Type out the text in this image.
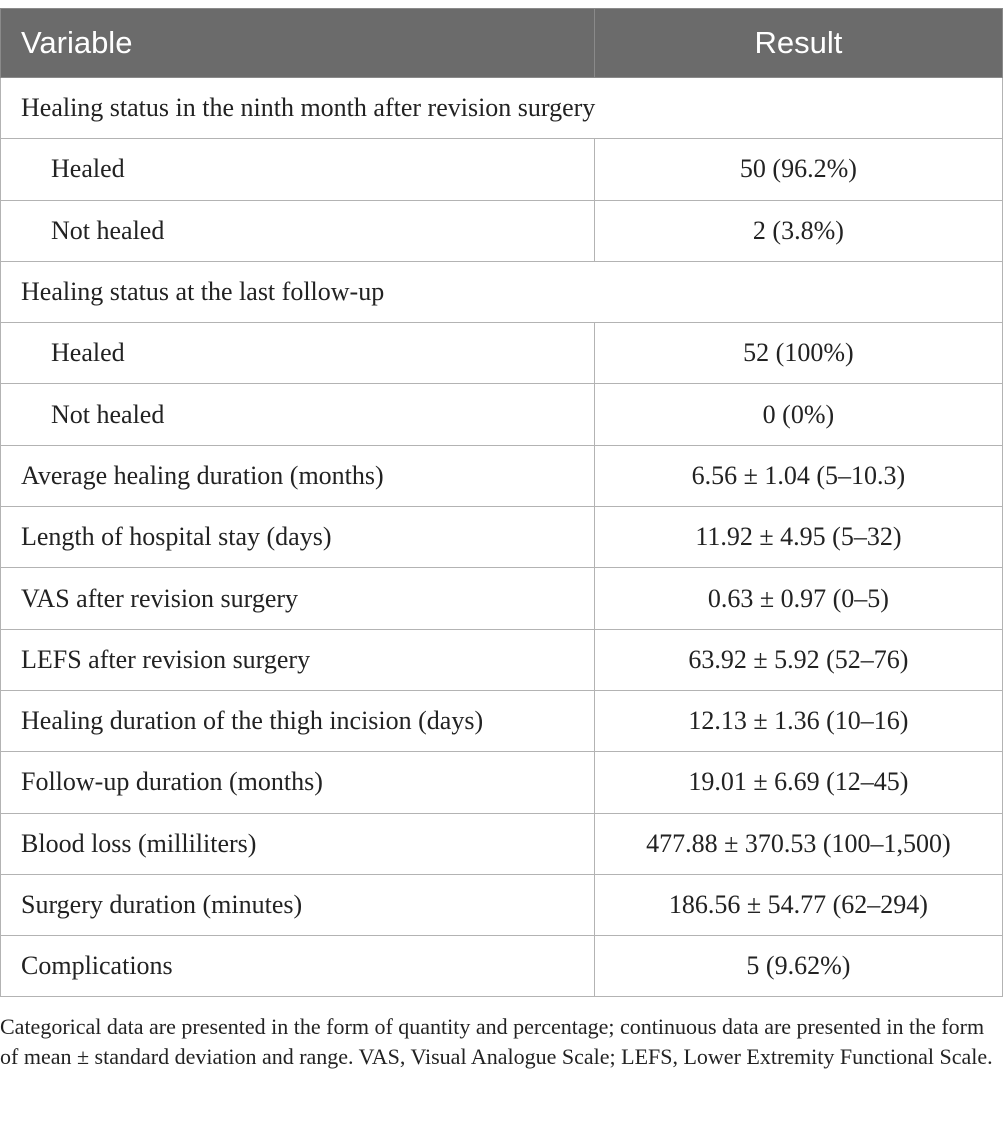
Variable	Result
Healing status in the ninth month after revision surgery	
Healed	50 (96.2%)
Not healed	2 (3.8%)
Healing status at the last follow-up	
Healed	52 (100%)
Not healed	0 (0%)
Average healing duration (months)	6.56 ± 1.04 (5–10.3)
Length of hospital stay (days)	11.92 ± 4.95 (5–32)
VAS after revision surgery	0.63 ± 0.97 (0–5)
LEFS after revision surgery	63.92 ± 5.92 (52–76)
Healing duration of the thigh incision (days)	12.13 ± 1.36 (10–16)
Follow-up duration (months)	19.01 ± 6.69 (12–45)
Blood loss (milliliters)	477.88 ± 370.53 (100–1,500)
Surgery duration (minutes)	186.56 ± 54.77 (62–294)
Complications	5 (9.62%)
Categorical data are presented in the form of quantity and percentage; continuous data are presented in the form of mean ± standard deviation and range. VAS, Visual Analogue Scale; LEFS, Lower Extremity Functional Scale.
